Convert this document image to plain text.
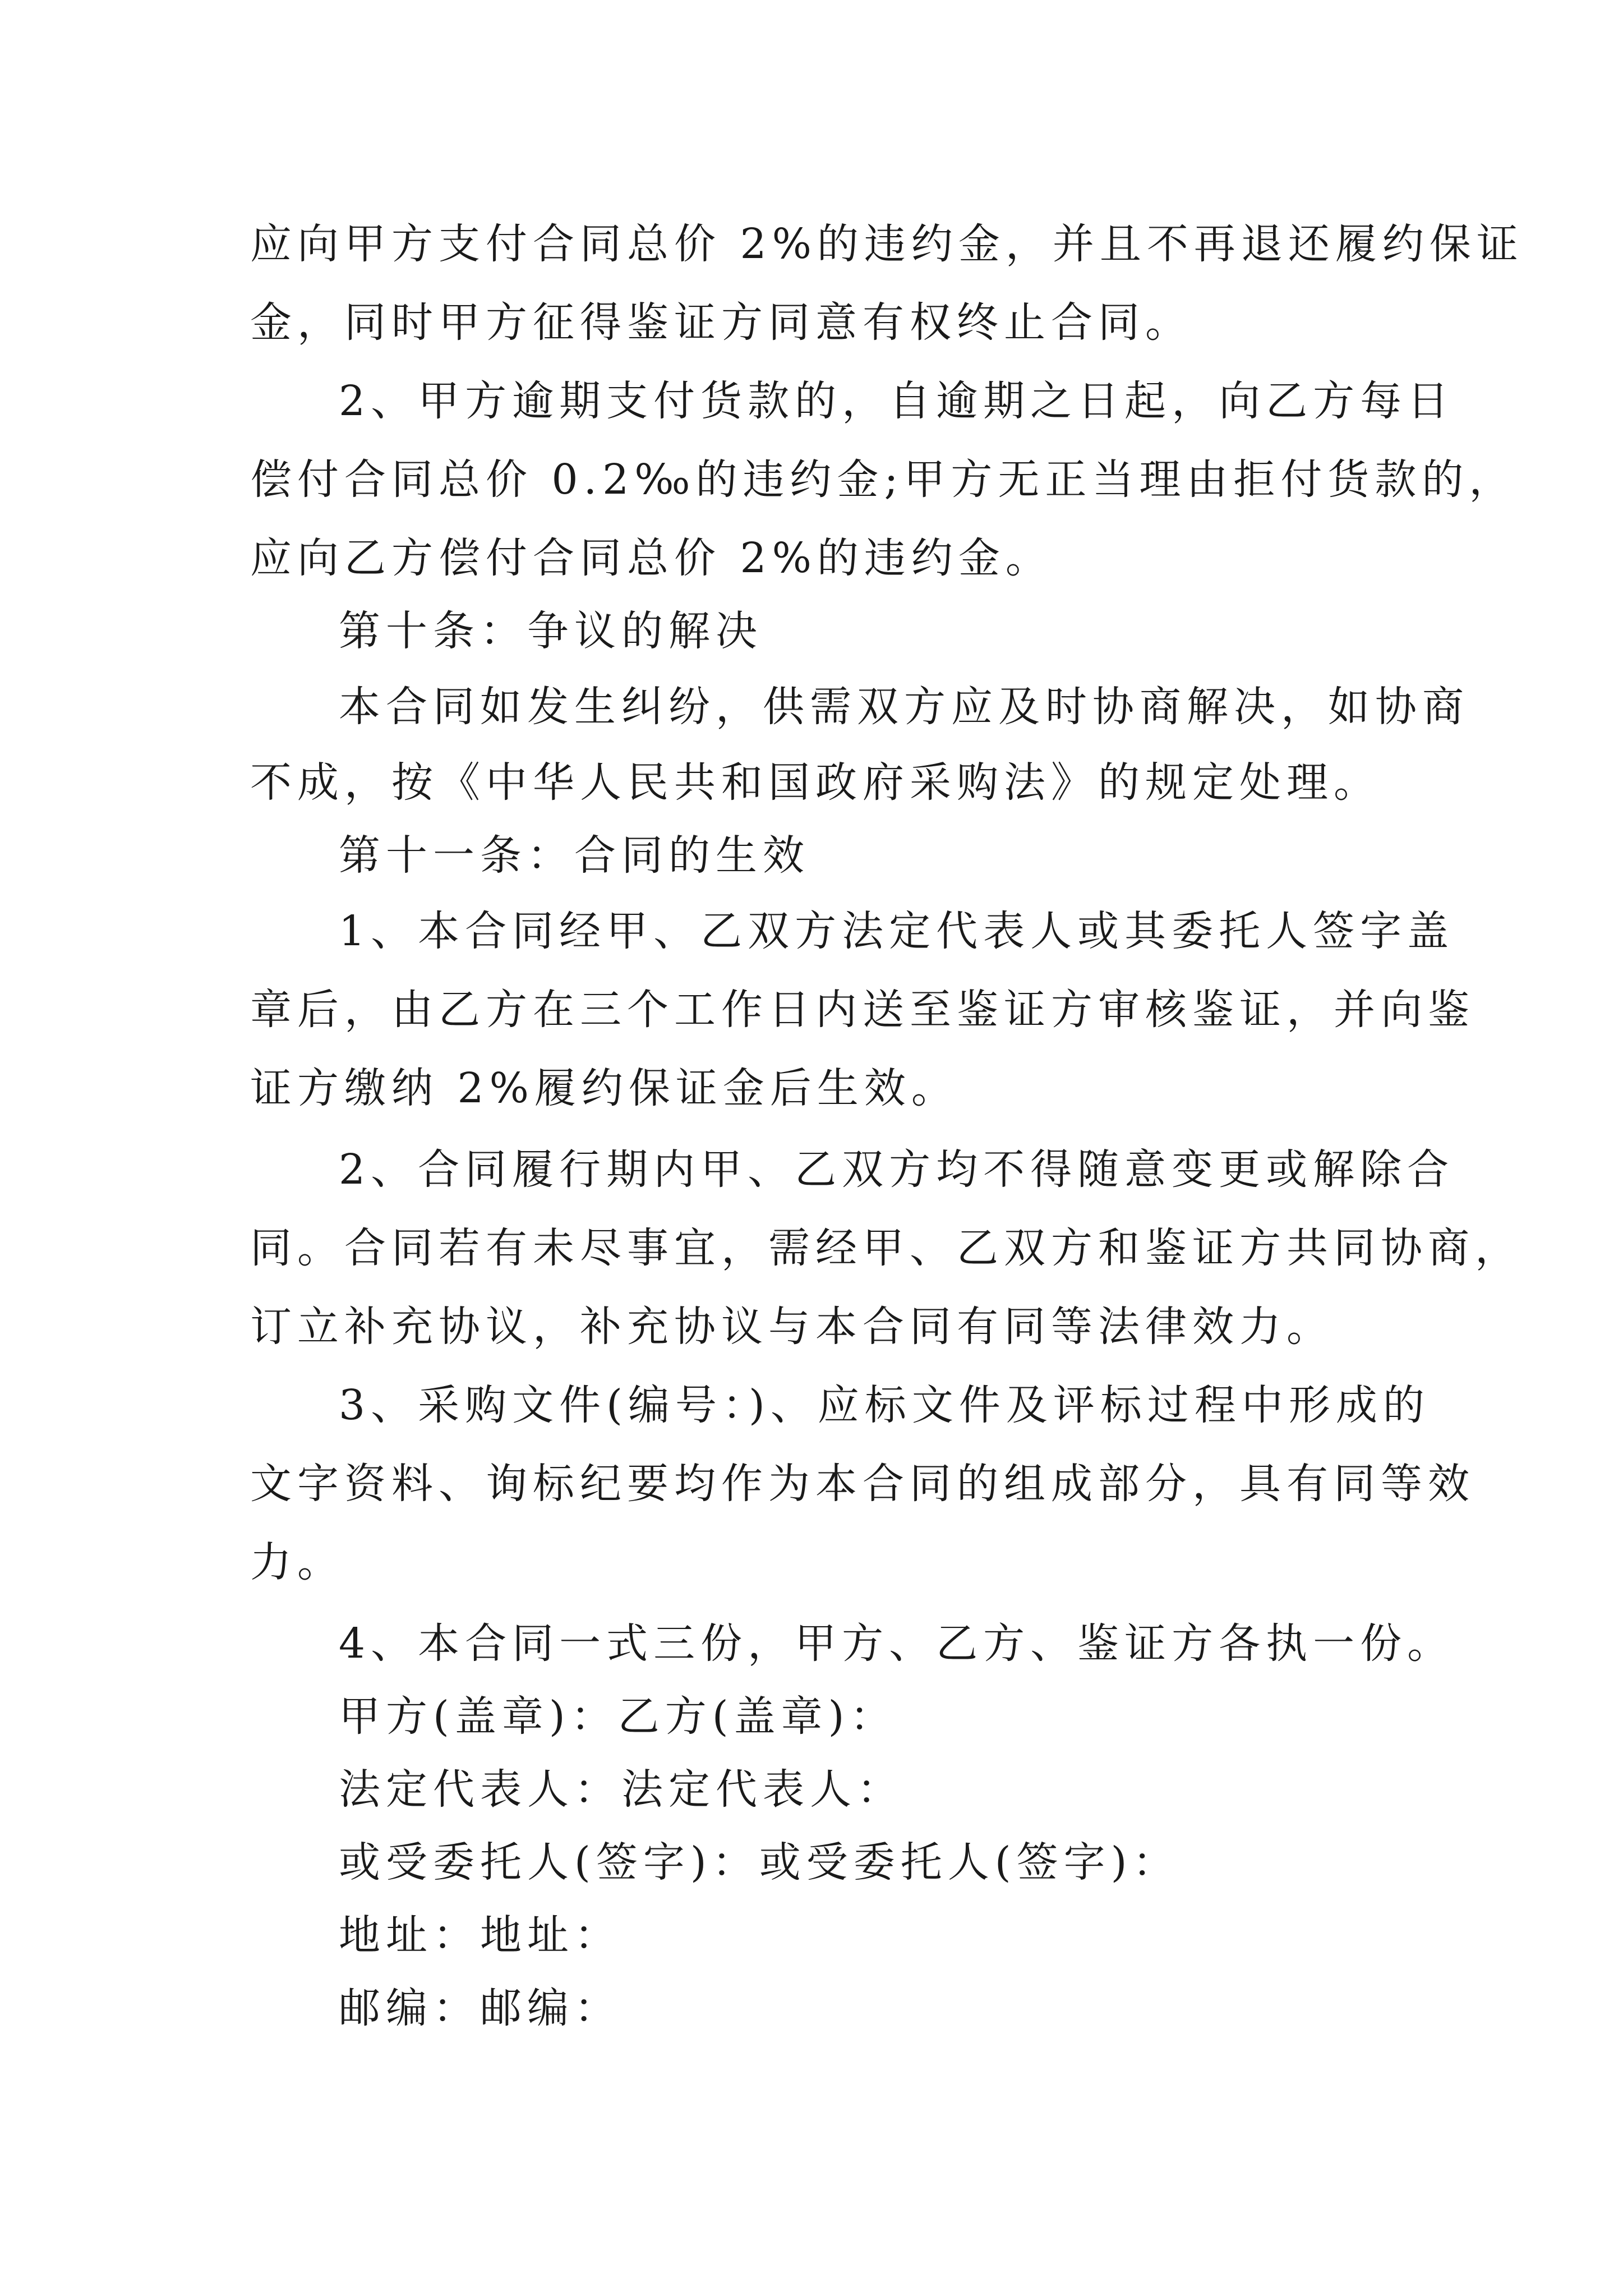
应向甲方支付合同总价 2%的违约金，并且不再退还履约保证
金，同时甲方征得鉴证方同意有权终止合同。
2、甲方逾期支付货款的，自逾期之日起，向乙方每日
偿付合同总价 0.2‰的违约金;甲方无正当理由拒付货款的，
应向乙方偿付合同总价 2%的违约金。
第十条：争议的解决
本合同如发生纠纷，供需双方应及时协商解决，如协商
不成，按《中华人民共和国政府采购法》的规定处理。
第十一条：合同的生效
1、本合同经甲、乙双方法定代表人或其委托人签字盖
章后，由乙方在三个工作日内送至鉴证方审核鉴证，并向鉴
证方缴纳 2%履约保证金后生效。
2、合同履行期内甲、乙双方均不得随意变更或解除合
同。合同若有未尽事宜，需经甲、乙双方和鉴证方共同协商，
订立补充协议，补充协议与本合同有同等法律效力。
3、采购文件(编号：)、应标文件及评标过程中形成的
文字资料、询标纪要均作为本合同的组成部分，具有同等效
力。
4、本合同一式三份，甲方、乙方、鉴证方各执一份。
甲方(盖章)：乙方(盖章)：
法定代表人：法定代表人：
或受委托人(签字)：或受委托人(签字)：
地址：地址：
邮编：邮编：
